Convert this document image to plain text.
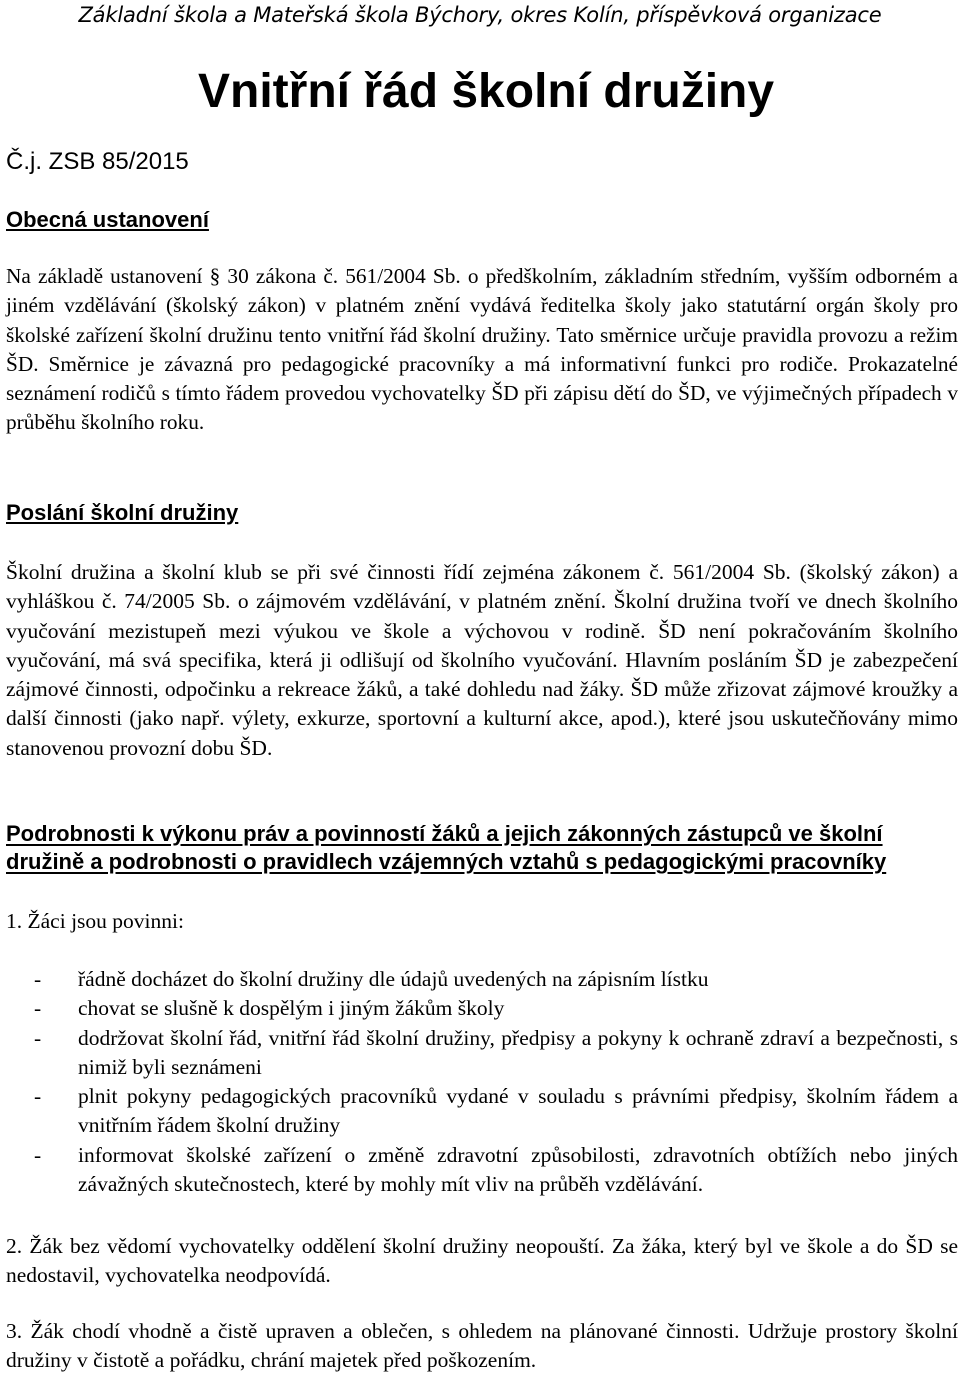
Základní škola a Mateřská škola Býchory, okres Kolín, příspěvková organizace
Vnitřní řád školní družiny
Č.j. ZSB 85/2015
Obecná ustanovení
Na základě ustanovení § 30 zákona č. 561/2004 Sb. o předškolním, základním středním, vyšším odborném a jiném vzdělávání (školský zákon) v platném znění vydává ředitelka školy jako statutární orgán školy pro školské zařízení školní družinu tento vnitřní řád školní družiny. Tato směrnice určuje pravidla provozu a režim ŠD. Směrnice je závazná pro pedagogické pracovníky a má informativní funkci pro rodiče. Prokazatelné seznámení rodičů s tímto řádem provedou vychovatelky ŠD při zápisu dětí do ŠD, ve výjimečných případech v průběhu školního roku.
Poslání školní družiny
Školní družina a školní klub se při své činnosti řídí zejména zákonem č. 561/2004 Sb. (školský zákon) a vyhláškou č. 74/2005 Sb. o zájmovém vzdělávání, v platném znění. Školní družina tvoří ve dnech školního vyučování mezistupeň mezi výukou ve škole a výchovou v rodině. ŠD není pokračováním školního vyučování, má svá specifika, která ji odlišují od školního vyučování. Hlavním posláním ŠD je zabezpečení zájmové činnosti, odpočinku a rekreace žáků, a také dohledu nad žáky. ŠD může zřizovat zájmové kroužky a další činnosti (jako např. výlety, exkurze, sportovní a kulturní akce, apod.), které jsou uskutečňovány mimo stanovenou provozní dobu ŠD.
Podrobnosti k výkonu práv a povinností žáků a jejich zákonných zástupců ve školní družině a podrobnosti o pravidlech vzájemných vztahů s pedagogickými pracovníky
1. Žáci jsou povinni:
- řádně docházet do školní družiny dle údajů uvedených na zápisním lístku
- chovat se slušně k dospělým i jiným žákům školy
- dodržovat školní řád, vnitřní řád školní družiny, předpisy a pokyny k ochraně zdraví a bezpečnosti, s nimiž byli seznámeni
- plnit pokyny pedagogických pracovníků vydané v souladu s právními předpisy, školním řádem a vnitřním řádem školní družiny
- informovat školské zařízení o změně zdravotní způsobilosti, zdravotních obtížích nebo jiných závažných skutečnostech, které by mohly mít vliv na průběh vzdělávání.
2. Žák bez vědomí vychovatelky oddělení školní družiny neopouští. Za žáka, který byl ve škole a do ŠD se nedostavil, vychovatelka neodpovídá.
3. Žák chodí vhodně a čistě upraven a oblečen, s ohledem na plánované činnosti. Udržuje prostory školní družiny v čistotě a pořádku, chrání majetek před poškozením.
